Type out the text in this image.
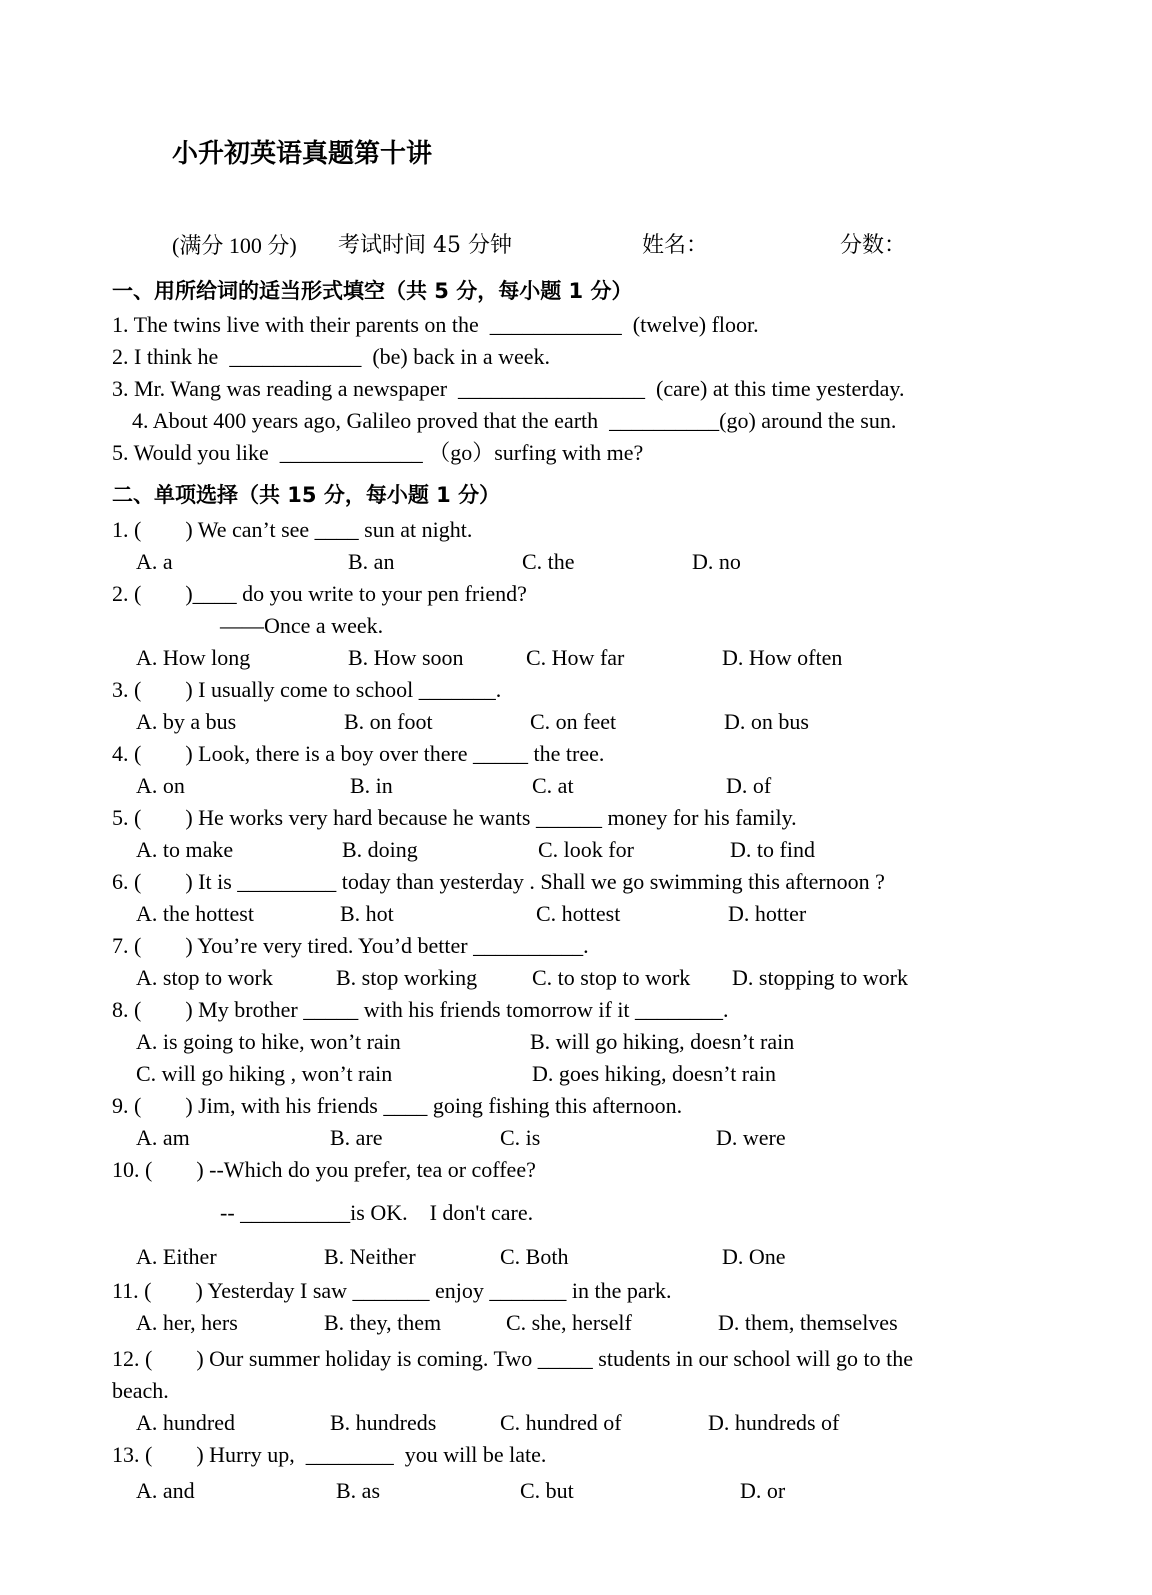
小升初英语真题第十讲
(满分 100 分) 考试时间 45 分钟	姓名：	分数：
一、用所给词的适当形式填空（共 5 分，每小题 1 分）
1. The twins live with their parents on the  ____________  (twelve) floor.
2. I think he  ____________  (be) back in a week.
3. Mr. Wang was reading a newspaper  _________________  (care) at this time yesterday.
4. About 400 years ago, Galileo proved that the earth  __________(go) around the sun.
5. Would you like  _____________ （go）surfing with me?
二、单项选择（共 15 分，每小题 1 分）
1. (        ) We can’t see ____ sun at night.
A. a	B. an	C. the	D. no
2. (        )____ do you write to your pen friend?
——Once a week.
A. How long	B. How soon	C. How far	D. How often
3. (        ) I usually come to school _______.
A. by a bus	B. on foot	C. on feet	D. on bus
4. (        ) Look, there is a boy over there _____ the tree.
A. on	B. in	C. at	D. of
5. (        ) He works very hard because he wants ______ money for his family.
A. to make	B. doing	C. look for	D. to find
6. (        ) It is _________ today than yesterday . Shall we go swimming this afternoon ?
A. the hottest	B. hot	C. hottest	D. hotter
7. (        ) You’re very tired. You’d better __________.
A. stop to work	B. stop working C. to stop to work D. stopping to work
8. (        ) My brother _____ with his friends tomorrow if it ________.
A. is going to hike, won’t rain	B. will go hiking, doesn’t rain
C. will go hiking , won’t rain	D. goes hiking, doesn’t rain
9. (        ) Jim, with his friends ____ going fishing this afternoon.
A. am	B. are	C. is	D. were
10. (        ) --Which do you prefer, tea or coffee?
-- __________is OK.    I don't care.
A. Either	B. Neither	C. Both	D. One
11. (        ) Yesterday I saw _______ enjoy _______ in the park.
A. her, hers	B. they, them	C. she, herself	D. them, themselves
12. (        ) Our summer holiday is coming. Two _____ students in our school will go to the
beach.
A. hundred	B. hundreds	C. hundred of	D. hundreds of
13. (        ) Hurry up,  ________  you will be late.
A. and	B. as	C. but	D. or
